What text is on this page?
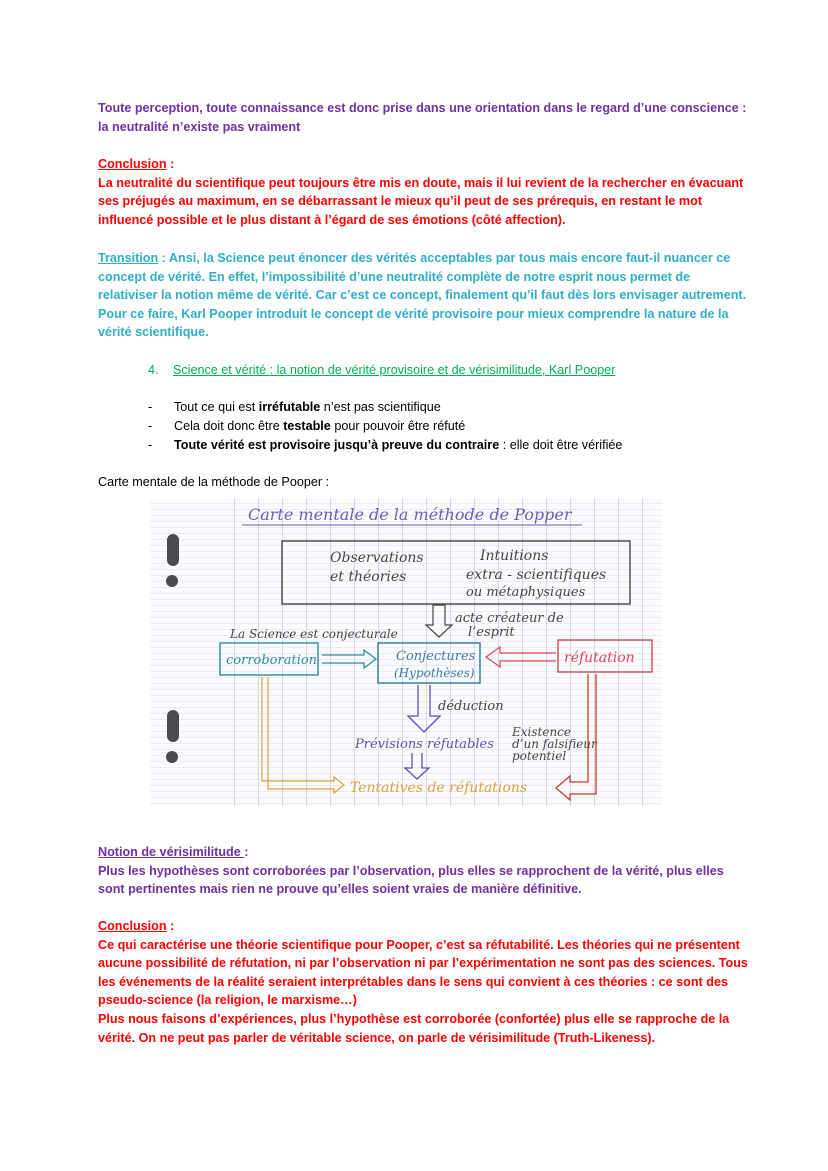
Toute perception, toute connaissance est donc prise dans une orientation dans le regard d’une conscience : la neutralité n’existe pas vraiment
Conclusion :
La neutralité du scientifique peut toujours être mis en doute, mais il lui revient de la rechercher en évacuant ses préjugés au maximum, en se débarrassant le mieux qu’il peut de ses prérequis, en restant le mot influencé possible et le plus distant à l’égard de ses émotions (côté affection).
Transition : Ansi, la Science peut énoncer des vérités acceptables par tous mais encore faut-il nuancer ce concept de vérité. En effet, l’impossibilité d’une neutralité complète de notre esprit nous permet de relativiser la notion même de vérité. Car c’est ce concept, finalement qu’il faut dès lors envisager autrement. Pour ce faire, Karl Pooper introduit le concept de vérité provisoire pour mieux comprendre la nature de la vérité scientifique.
4. Science et vérité : la notion de vérité provisoire et de vérisimilitude, Karl Pooper
- Tout ce qui est irréfutable n’est pas scientifique
- Cela doit donc être testable pour pouvoir être réfuté
- Toute vérité est provisoire jusqu’à preuve du contraire : elle doit être vérifiée
Carte mentale de la méthode de Pooper :
Carte mentale de la méthode de Popper
Observations
et théories
Intuitions
extra - scientifiques
ou métaphysiques
acte créateur de
l’esprit
La Science est conjecturale
corroboration	Conjectures
(Hypothèses)
réfutation
déduction
Prévisions réfutables
Existence
d’un falsifieur
potentiel
Tentatives de réfutations
Notion de vérisimilitude :
Plus les hypothèses sont corroborées par l’observation, plus elles se rapprochent de la vérité, plus elles sont pertinentes mais rien ne prouve qu’elles soient vraies de manière définitive.
Conclusion :
Ce qui caractérise une théorie scientifique pour Pooper, c’est sa réfutabilité. Les théories qui ne présentent aucune possibilité de réfutation, ni par l’observation ni par l’expérimentation ne sont pas des sciences. Tous les événements de la réalité seraient interprétables dans le sens qui convient à ces théories : ce sont des pseudo-science (la religion, le marxisme…)
Plus nous faisons d’expériences, plus l’hypothèse est corroborée (confortée) plus elle se rapproche de la vérité. On ne peut pas parler de véritable science, on parle de vérisimilitude (Truth-Likeness).
